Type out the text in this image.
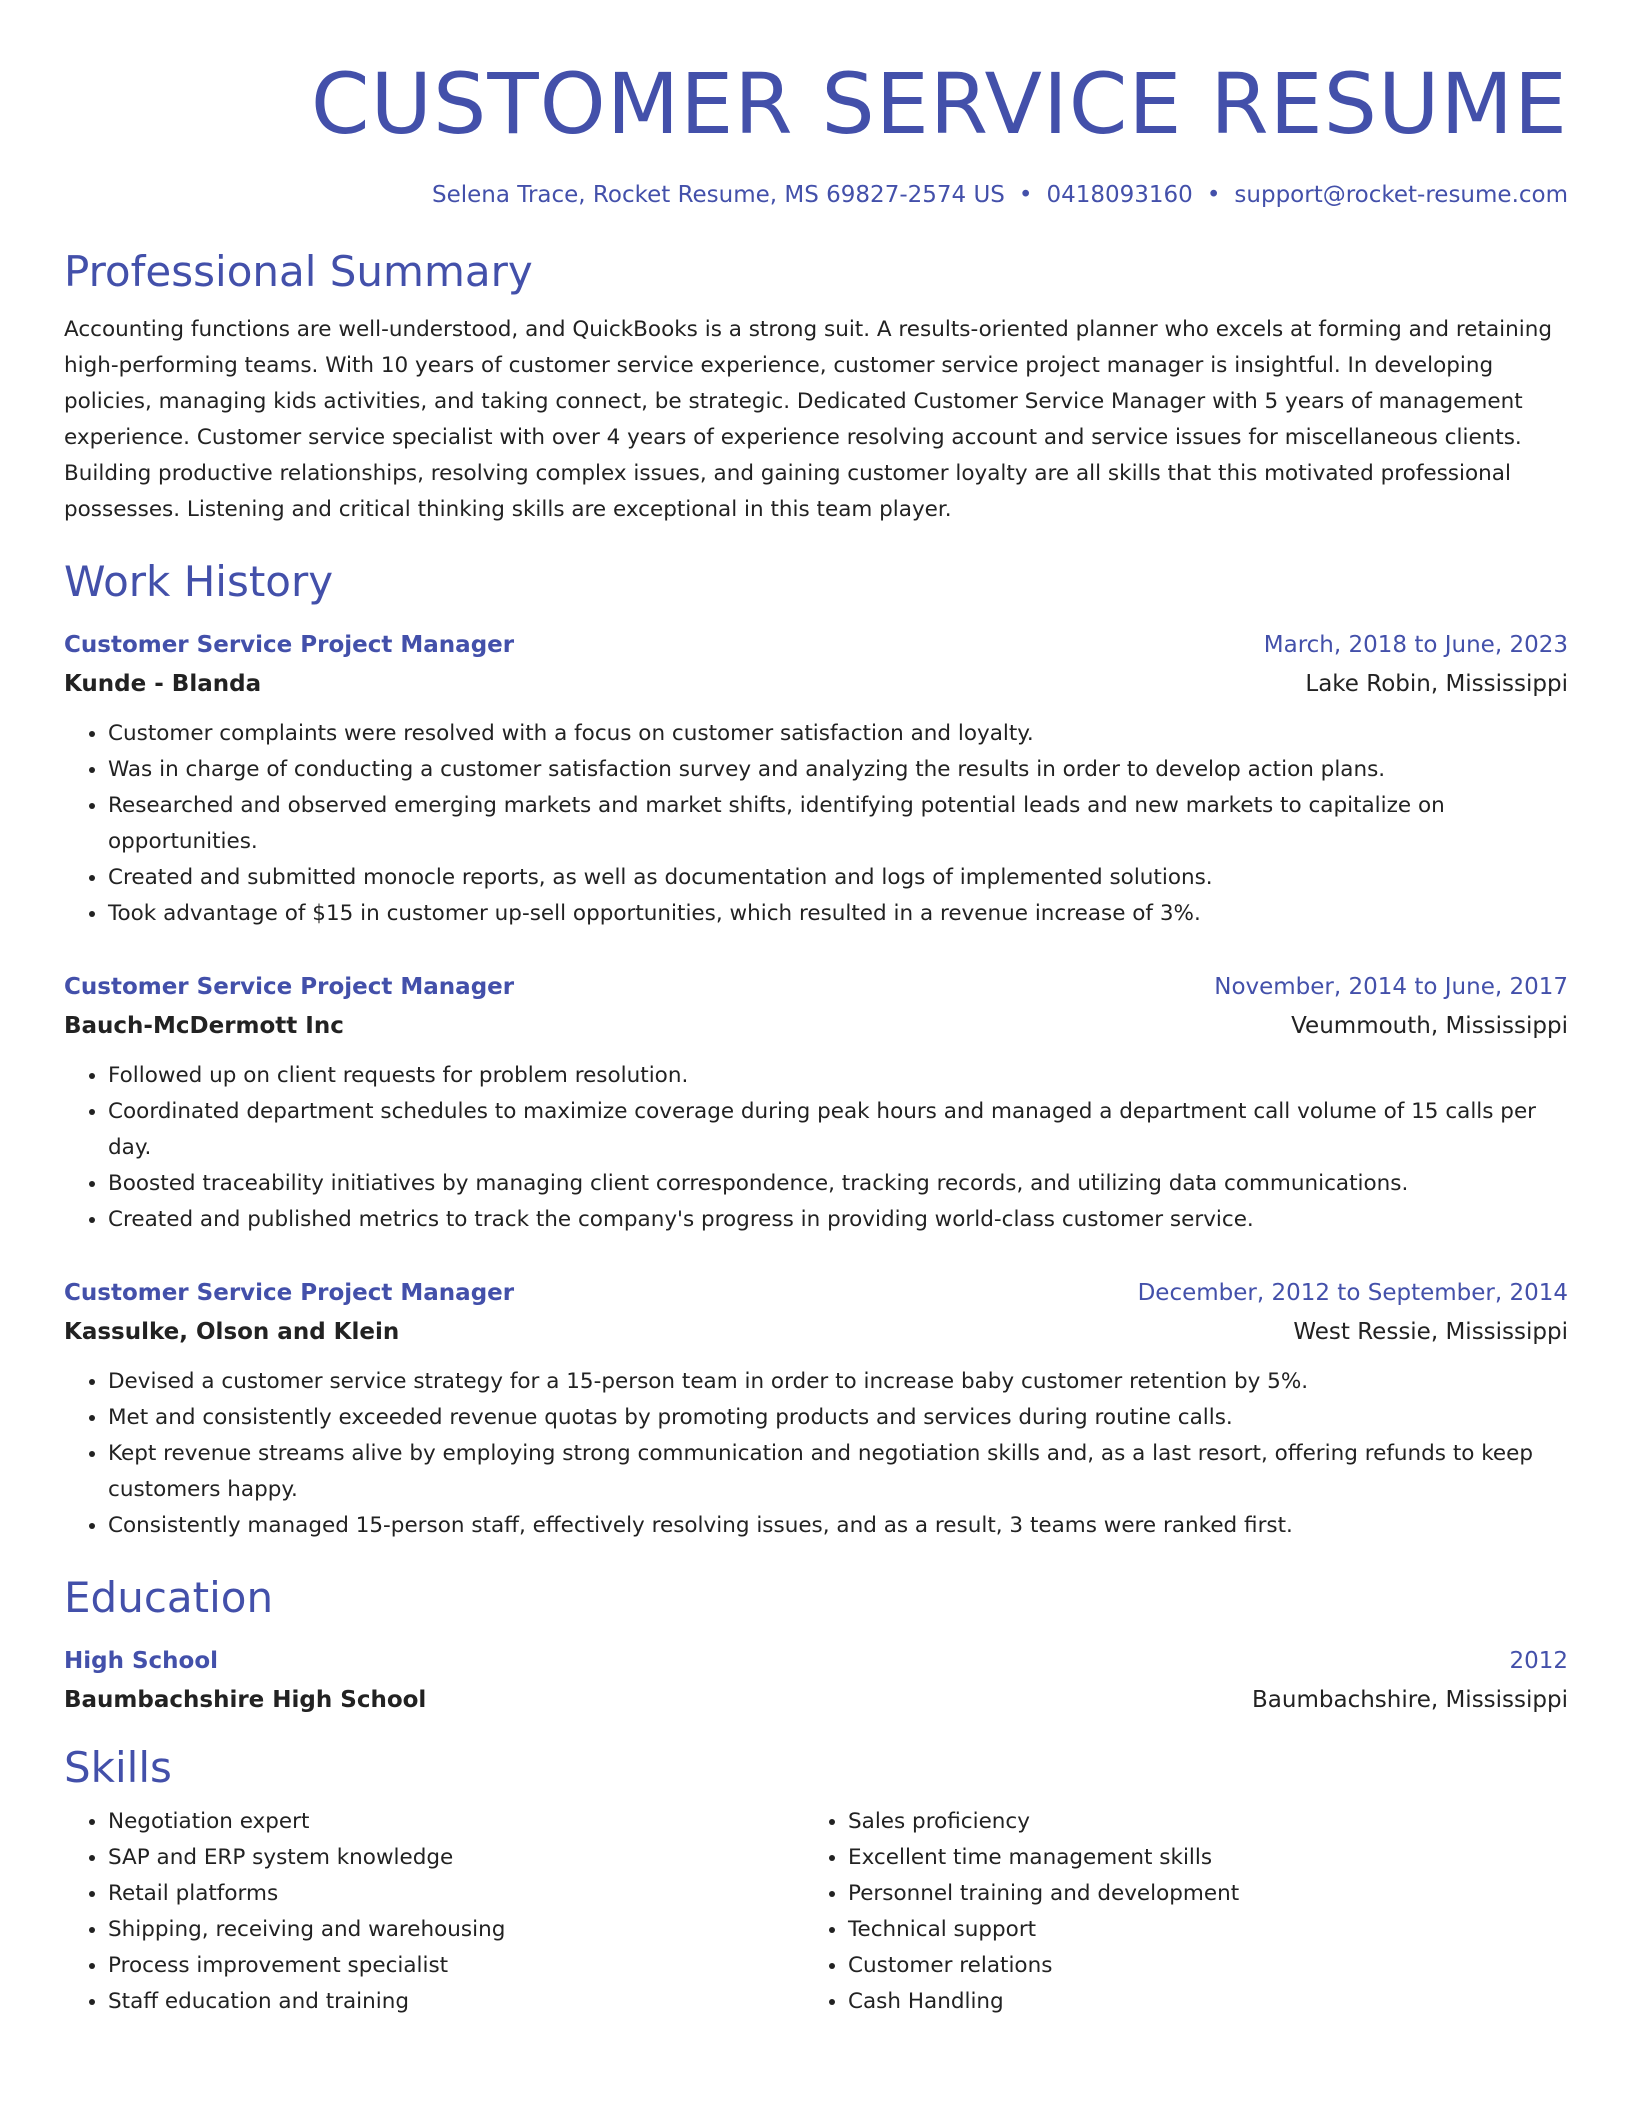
CUSTOMER SERVICE RESUME
Selena Trace, Rocket Resume, MS 69827-2574 US • 0418093160 • support@rocket-resume.com
Professional Summary
Accounting functions are well-understood, and QuickBooks is a strong suit. A results-oriented planner who excels at forming and retaining high-performing teams. With 10 years of customer service experience, customer service project manager is insightful. In developing policies, managing kids activities, and taking connect, be strategic. Dedicated Customer Service Manager with 5 years of management experience. Customer service specialist with over 4 years of experience resolving account and service issues for miscellaneous clients. Building productive relationships, resolving complex issues, and gaining customer loyalty are all skills that this motivated professional possesses. Listening and critical thinking skills are exceptional in this team player.
Work History
Customer Service Project Manager	March, 2018 to June, 2023
Kunde - Blanda	Lake Robin, Mississippi
• Customer complaints were resolved with a focus on customer satisfaction and loyalty.
• Was in charge of conducting a customer satisfaction survey and analyzing the results in order to develop action plans.
• Researched and observed emerging markets and market shifts, identifying potential leads and new markets to capitalize on opportunities.
• Created and submitted monocle reports, as well as documentation and logs of implemented solutions.
• Took advantage of $15 in customer up-sell opportunities, which resulted in a revenue increase of 3%.
Customer Service Project Manager	November, 2014 to June, 2017
Bauch-McDermott Inc	Veummouth, Mississippi
• Followed up on client requests for problem resolution.
• Coordinated department schedules to maximize coverage during peak hours and managed a department call volume of 15 calls per day.
• Boosted traceability initiatives by managing client correspondence, tracking records, and utilizing data communications.
• Created and published metrics to track the company's progress in providing world-class customer service.
Customer Service Project Manager	December, 2012 to September, 2014
Kassulke, Olson and Klein	West Ressie, Mississippi
• Devised a customer service strategy for a 15-person team in order to increase baby customer retention by 5%.
• Met and consistently exceeded revenue quotas by promoting products and services during routine calls.
• Kept revenue streams alive by employing strong communication and negotiation skills and, as a last resort, offering refunds to keep customers happy.
• Consistently managed 15-person staff, effectively resolving issues, and as a result, 3 teams were ranked first.
Education
High School	2012
Baumbachshire High School	Baumbachshire, Mississippi
Skills
• Negotiation expert
• SAP and ERP system knowledge
• Retail platforms
• Shipping, receiving and warehousing
• Process improvement specialist
• Staff education and training
• Sales proficiency
• Excellent time management skills
• Personnel training and development
• Technical support
• Customer relations
• Cash Handling
